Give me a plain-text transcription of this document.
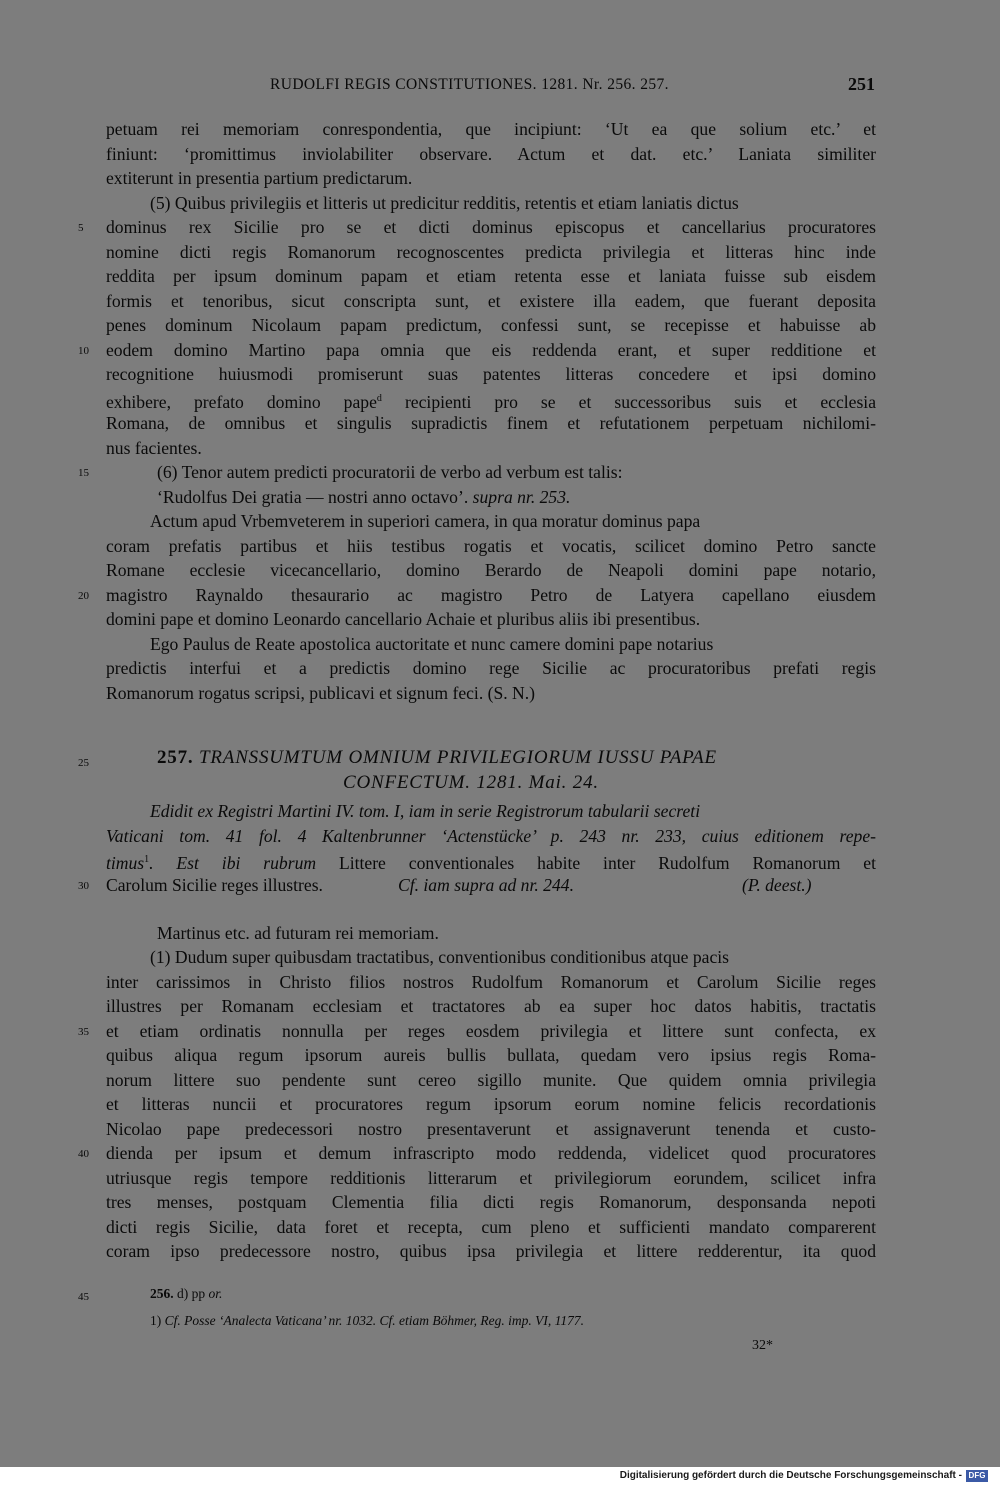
RUDOLFI REGIS CONSTITUTIONES. 1281. Nr. 256. 257.	251
petuam rei memoriam conrespondentia, que incipiunt: ‘Ut ea que solium etc.’ et
finiunt: ‘promittimus inviolabiliter observare. Actum et dat. etc.’ Laniata similiter
extiterunt in presentia partium predictarum.
(5) Quibus privilegiis et litteris ut predicitur redditis, retentis et etiam laniatis dictus
5 dominus rex Sicilie pro se et dicti dominus episcopus et cancellarius procuratores
nomine dicti regis Romanorum recognoscentes predicta privilegia et litteras hinc inde
reddita per ipsum dominum papam et etiam retenta esse et laniata fuisse sub eisdem
formis et tenoribus, sicut conscripta sunt, et existere illa eadem, que fuerant deposita
penes dominum Nicolaum papam predictum, confessi sunt, se recepisse et habuisse ab
10 eodem domino Martino papa omnia que eis reddenda erant, et super redditione et
recognitione huiusmodi promiserunt suas patentes litteras concedere et ipsi domino
exhibere, prefato domino pape$^d$ recipienti pro se et successoribus suis et ecclesia
Romana, de omnibus et singulis supradictis finem et refutationem perpetuam nichilomi-
nus facientes.
15	(6) Tenor autem predicti procuratorii de verbo ad verbum est talis:
‘Rudolfus Dei gratia — nostri anno octavo’. supra nr. 253.
Actum apud Vrbemveterem in superiori camera, in qua moratur dominus papa
coram prefatis partibus et hiis testibus rogatis et vocatis, scilicet domino Petro sancte
Romane ecclesie vicecancellario, domino Berardo de Neapoli domini pape notario,
20 magistro Raynaldo thesaurario ac magistro Petro de Latyera capellano eiusdem
domini pape et domino Leonardo cancellario Achaie et pluribus aliis ibi presentibus.
Ego Paulus de Reate apostolica auctoritate et nunc camere domini pape notarius
predictis interfui et a predictis domino rege Sicilie ac procuratoribus prefati regis
Romanorum rogatus scripsi, publicavi et signum feci. (S. N.)
25	257. TRANSSUMTUM OMNIUM PRIVILEGIORUM IUSSU PAPAE
CONFECTUM. 1281. Mai. 24.
Edidit ex Registri Martini IV. tom. I, iam in serie Registrorum tabularii secreti
Vaticani tom. 41 fol. 4 Kaltenbrunner ‘Actenstücke’ p. 243 nr. 233, cuius editionem repe-
timus$^1$. Est ibi rubrum Littere conventionales habite inter Rudolfum Romanorum et
30 Carolum Sicilie reges illustres.	Cf. iam supra ad nr. 244.	(P. deest.)
Martinus etc. ad futuram rei memoriam.
(1) Dudum super quibusdam tractatibus, conventionibus conditionibus atque pacis
inter carissimos in Christo filios nostros Rudolfum Romanorum et Carolum Sicilie reges
illustres per Romanam ecclesiam et tractatores ab ea super hoc datos habitis, tractatis
35 et etiam ordinatis nonnulla per reges eosdem privilegia et littere sunt confecta, ex
quibus aliqua regum ipsorum aureis bullis bullata, quedam vero ipsius regis Roma-
norum littere suo pendente sunt cereo sigillo munite. Que quidem omnia privilegia
et litteras nuncii et procuratores regum ipsorum eorum nomine felicis recordationis
Nicolao pape predecessori nostro presentaverunt et assignaverunt tenenda et custo-
40 dienda per ipsum et demum infrascripto modo reddenda, videlicet quod procuratores
utriusque regis tempore redditionis litterarum et privilegiorum eorundem, scilicet infra
tres menses, postquam Clementia filia dicti regis Romanorum, desponsanda nepoti
dicti regis Sicilie, data foret et recepta, cum pleno et sufficienti mandato comparerent
coram ipso predecessore nostro, quibus ipsa privilegia et littere redderentur, ita quod
45	256. d) pp or.
1) Cf. Posse ‘Analecta Vaticana’ nr. 1032. Cf. etiam Böhmer, Reg. imp. VI, 1177.
32*
Digitalisierung gefördert durch die Deutsche Forschungsgemeinschaft - DFG
